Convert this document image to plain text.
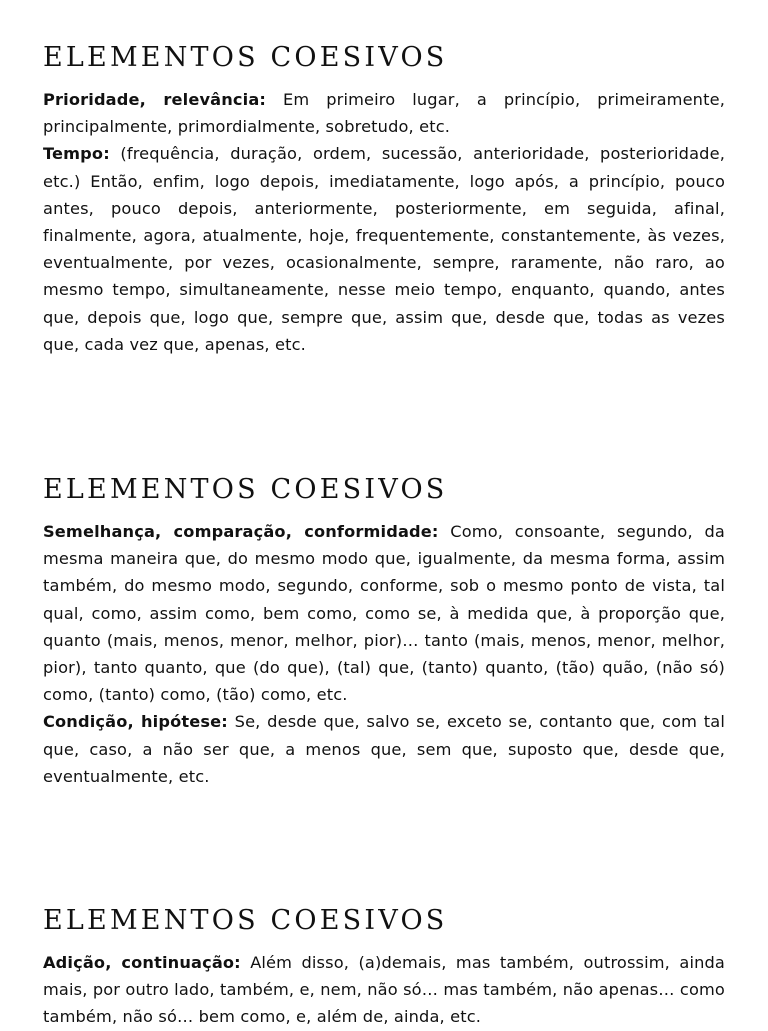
ELEMENTOS COESIVOS

Prioridade, relevância: Em primeiro lugar, a princípio, primeiramente, principalmente, primordialmente, sobretudo, etc.

Tempo: (frequência, duração, ordem, sucessão, anterioridade, posterioridade, etc.) Então, enfim, logo depois, imediatamente, logo após, a princípio, pouco antes, pouco depois, anteriormente, posteriormente, em seguida, afinal, finalmente, agora, atualmente, hoje, frequentemente, constantemente, às vezes, eventualmente, por vezes, ocasionalmente, sempre, raramente, não raro, ao mesmo tempo, simultaneamente, nesse meio tempo, enquanto, quando, antes que, depois que, logo que, sempre que, assim que, desde que, todas as vezes que, cada vez que, apenas, etc.

ELEMENTOS COESIVOS

Semelhança, comparação, conformidade: Como, consoante, segundo, da mesma maneira que, do mesmo modo que, igualmente, da mesma forma, assim também, do mesmo modo, segundo, conforme, sob o mesmo ponto de vista, tal qual, como, assim como, bem como, como se, à medida que, à proporção que, quanto (mais, menos, menor, melhor, pior)… tanto (mais, menos, menor, melhor, pior), tanto quanto, que (do que), (tal) que, (tanto) quanto, (tão) quão, (não só) como, (tanto) como, (tão) como, etc.

Condição, hipótese: Se, desde que, salvo se, exceto se, contanto que, com tal que, caso, a não ser que, a menos que, sem que, suposto que, desde que, eventualmente, etc.

ELEMENTOS COESIVOS

Adição, continuação: Além disso, (a)demais, mas também, outrossim, ainda mais, por outro lado, também, e, nem, não só… mas também, não apenas… como também, não só… bem como, e, além de, ainda, etc.
